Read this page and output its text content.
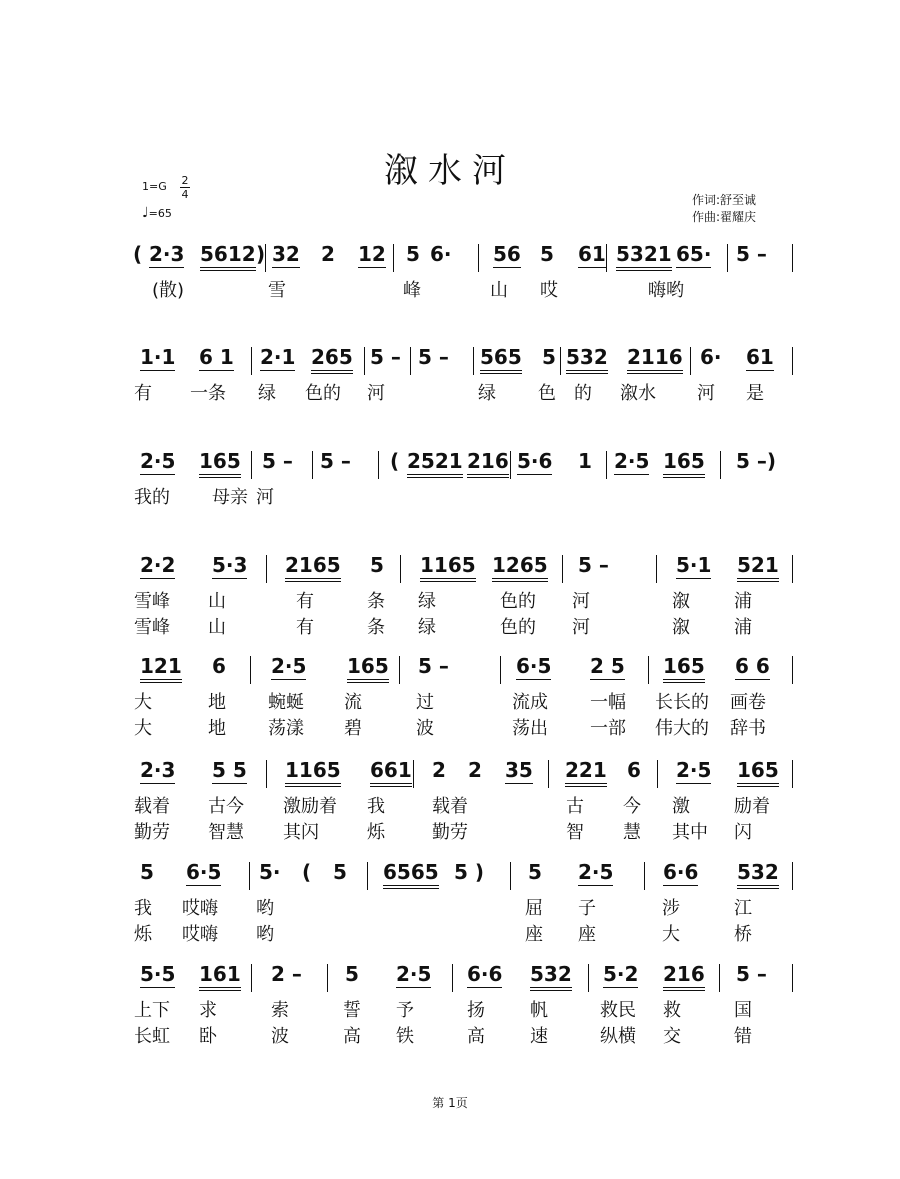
溆水河
1=G	2
4
♩=65
作词:舒至诚
作曲:翟耀庆
( 2·3 5612 ) 32 2 12 5 6· 56 5 61 5321 65· 5 –
(散)	雪	峰	山 哎	嗨哟
1·1 6 1 2·1 265 5 – 5 – 565 5 532 2116 6· 61
有 一条 绿 色的 河	绿 色 的 溆水 河 是
2·5 165 5 – 5 – ( 2521 216 5·6 1 2·5 165 5 –)
我的 母亲 河
2·2 5·3 2165 5 1165 1265 5 –	5·1 521
雪峰 山	有	条 绿	色的 河	溆 浦
雪峰 山	有	条 绿	色的 河	溆 浦
121 6 2·5 165 5 –	6·5 2 5 165 6 6
大	地 蜿蜒 流	过	流成 一幅 长长的 画卷
大	地 荡漾 碧	波	荡出 一部 伟大的 辞书
2·3 5 5 1165 661 2 2 35 221 6 2·5 165
载着 古今 激励着 我	载着	古 今 激 励着
勤劳 智慧 其闪	烁	勤劳	智 慧 其中 闪
5 6·5 5· ( 5 6565 5 ) 5 2·5 6·6 532
我 哎嗨 哟	屈 子	涉	江
烁 哎嗨 哟	座 座	大	桥
5·5 161 2 – 5 2·5 6·6 532 5·2 216 5 –
上下 求	索	誓 予	扬	帆	救民 救	国
长虹 卧	波	高 铁	高	速	纵横 交	错
第 1页
